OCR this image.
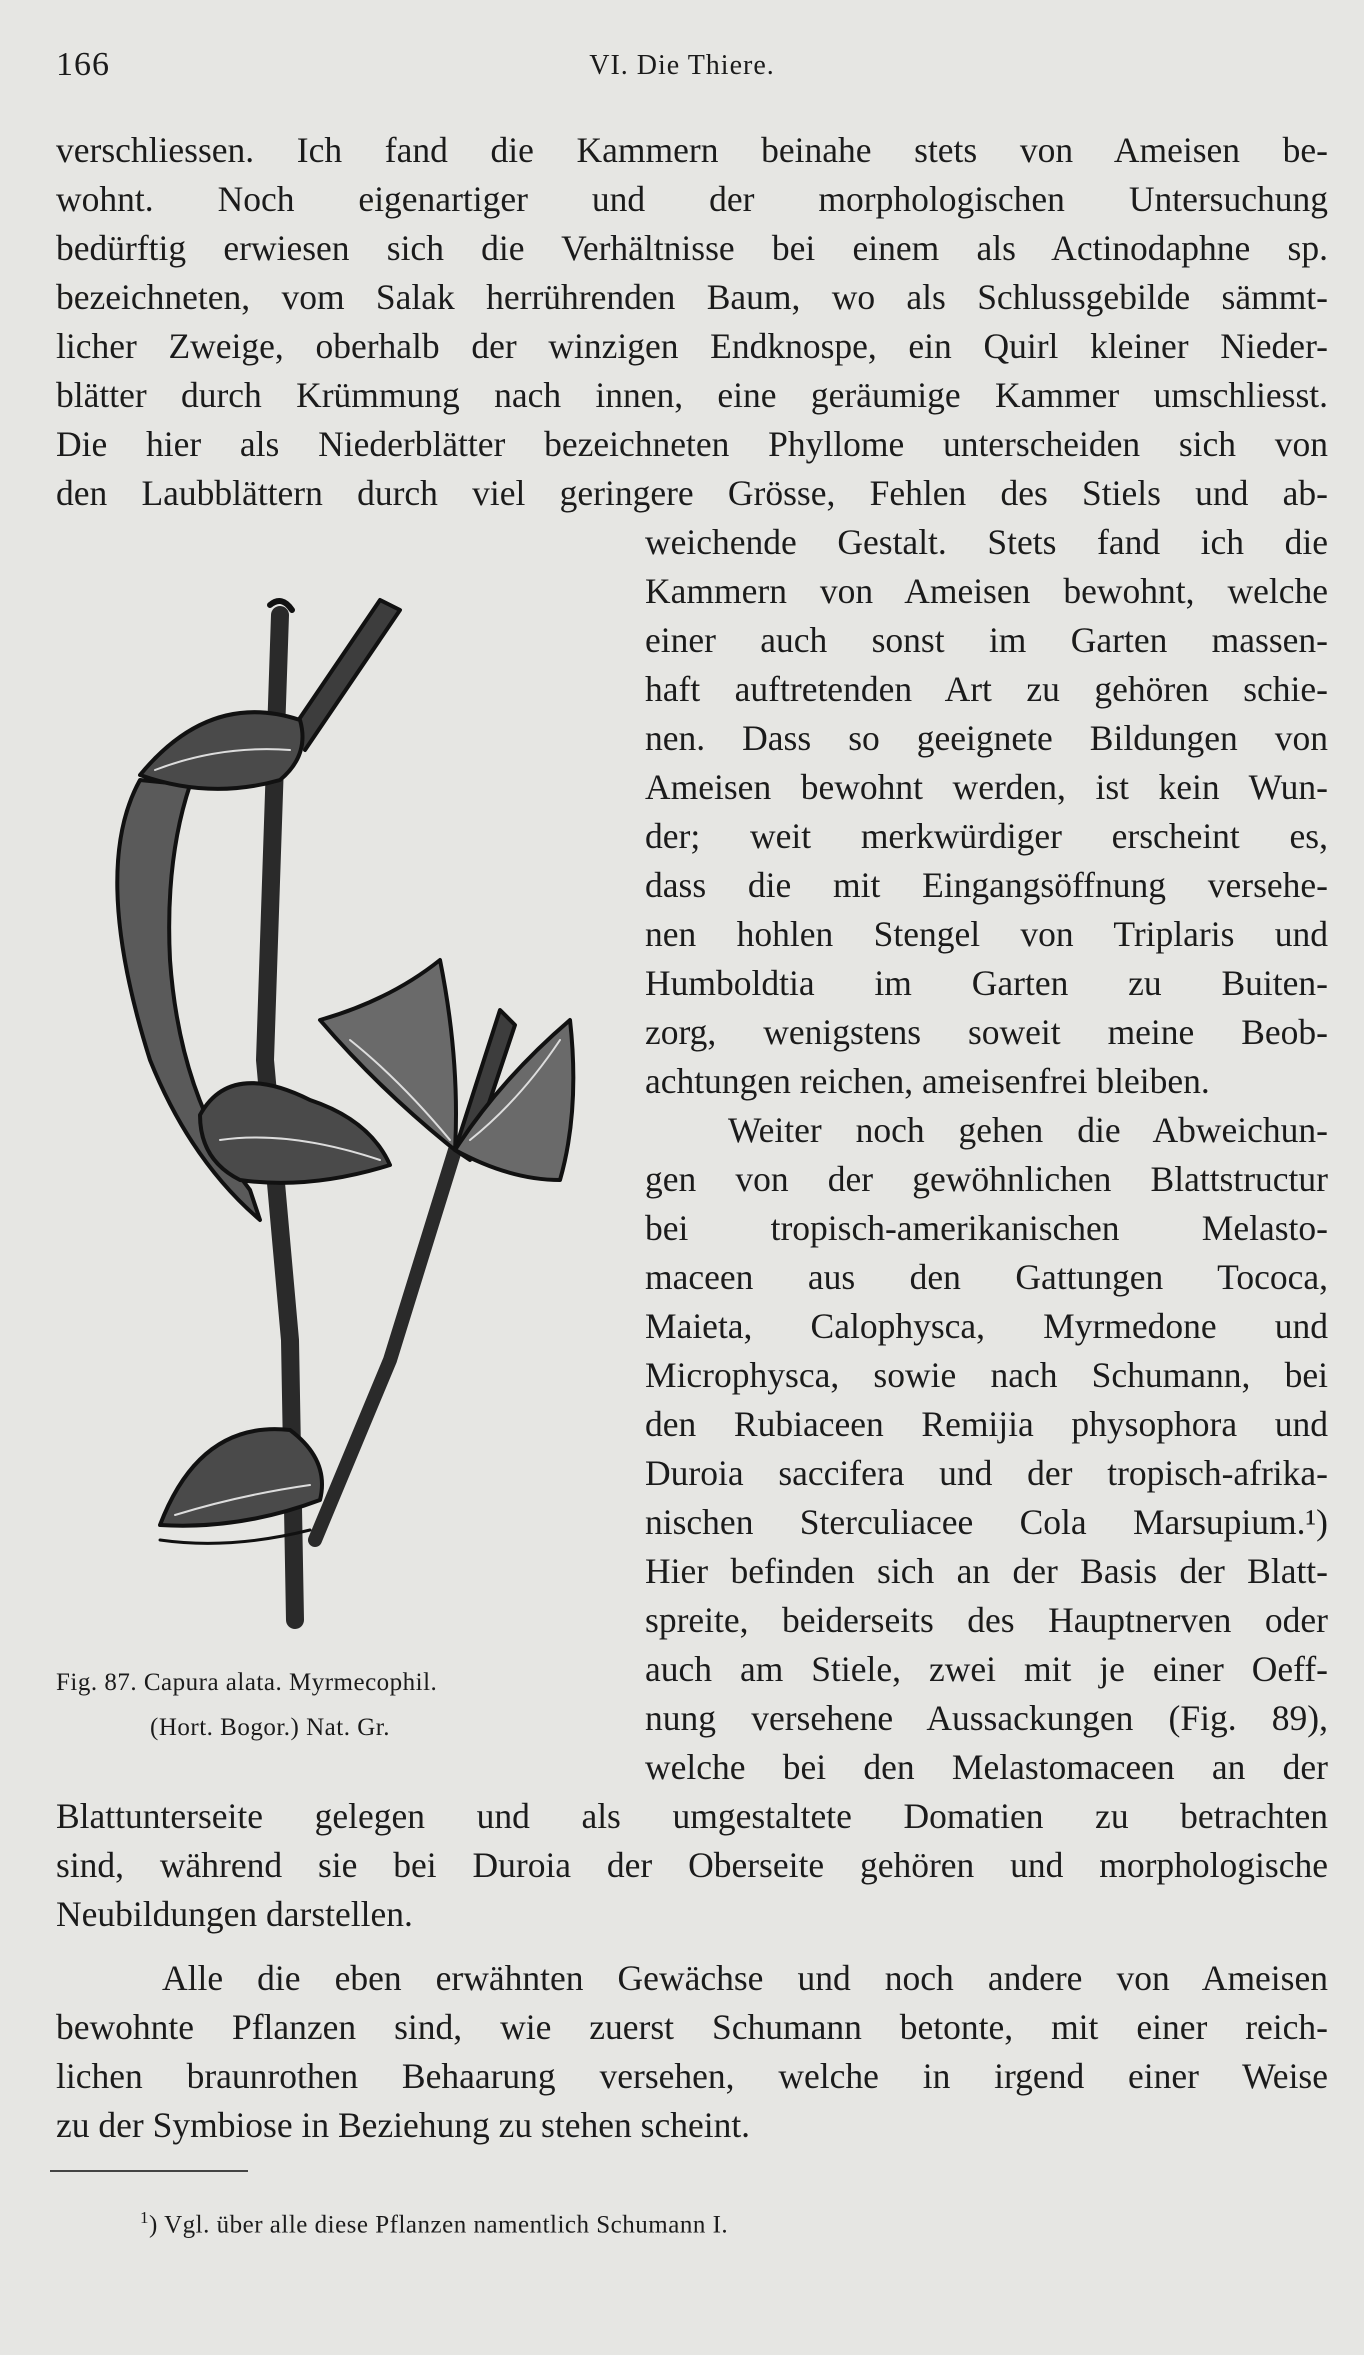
166	VI. Die Thiere.
verschliessen. Ich fand die Kammern beinahe stets von Ameisen be-
wohnt. Noch eigenartiger und der morphologischen Untersuchung
bedürftig erwiesen sich die Verhältnisse bei einem als Actinodaphne sp.
bezeichneten, vom Salak herrührenden Baum, wo als Schlussgebilde sämmt-
licher Zweige, oberhalb der winzigen Endknospe, ein Quirl kleiner Nieder-
blätter durch Krümmung nach innen, eine geräumige Kammer umschliesst.
Die hier als Niederblätter bezeichneten Phyllome unterscheiden sich von
den Laubblättern durch viel geringere Grösse, Fehlen des Stiels und ab-
weichende Gestalt. Stets fand ich die
Kammern von Ameisen bewohnt, welche
einer auch sonst im Garten massen-
haft auftretenden Art zu gehören schie-
nen. Dass so geeignete Bildungen von
Ameisen bewohnt werden, ist kein Wun-
der; weit merkwürdiger erscheint es,
dass die mit Eingangsöffnung versehe-
nen hohlen Stengel von Triplaris und
Humboldtia im Garten zu Buiten-
zorg, wenigstens soweit meine Beob-
achtungen reichen, ameisenfrei bleiben.
Weiter noch gehen die Abweichun-
gen von der gewöhnlichen Blattstructur
bei tropisch-amerikanischen Melasto-
maceen aus den Gattungen Tococa,
Maieta, Calophysca, Myrmedone und
Microphysca, sowie nach Schumann, bei
den Rubiaceen Remijia physophora und
Duroia saccifera und der tropisch-afrika-
nischen Sterculiacee Cola Marsupium.¹)
Hier befinden sich an der Basis der Blatt-
spreite, beiderseits des Hauptnerven oder
auch am Stiele, zwei mit je einer Oeff-
nung versehene Aussackungen (Fig. 89),
welche bei den Melastomaceen an der
Fig. 87. Capura alata. Myrmecophil.
(Hort. Bogor.) Nat. Gr.
Blattunterseite gelegen und als umgestaltete Domatien zu betrachten
sind, während sie bei Duroia der Oberseite gehören und morphologische
Neubildungen darstellen.
Alle die eben erwähnten Gewächse und noch andere von Ameisen
bewohnte Pflanzen sind, wie zuerst Schumann betonte, mit einer reich-
lichen braunrothen Behaarung versehen, welche in irgend einer Weise
zu der Symbiose in Beziehung zu stehen scheint.
$^1$) Vgl. über alle diese Pflanzen namentlich Schumann I.
